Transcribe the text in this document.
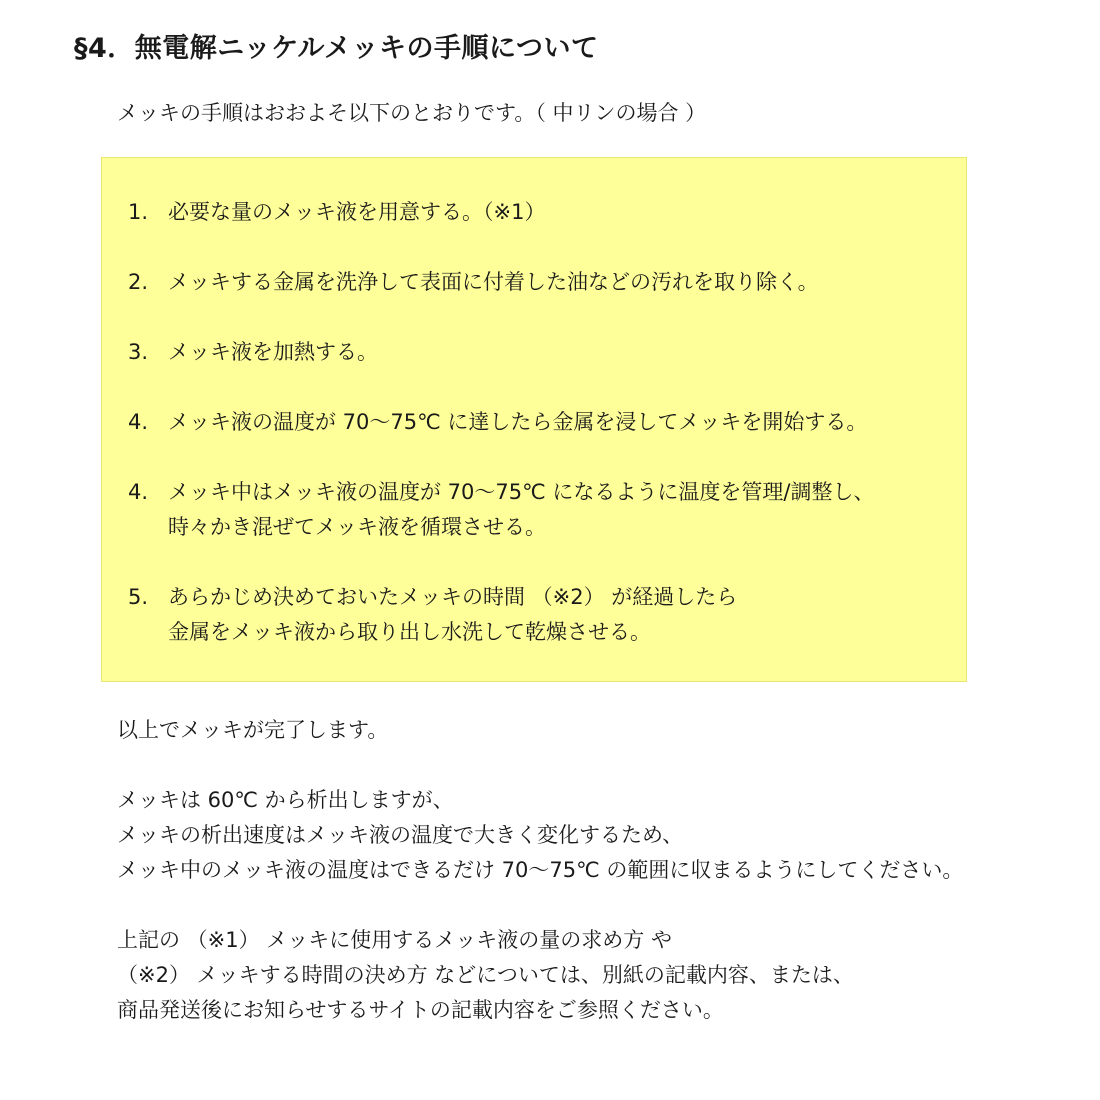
§4．無電解ニッケルメッキの手順について
メッキの手順はおおよそ以下のとおりです。（ 中リンの場合 ）
1. 必要な量のメッキ液を用意する。（※1）
2. メッキする金属を洗浄して表面に付着した油などの汚れを取り除く。
3. メッキ液を加熱する。
4. メッキ液の温度が 70～75℃ に達したら金属を浸してメッキを開始する。
4. メッキ中はメッキ液の温度が 70～75℃ になるように温度を管理/調整し、
時々かき混ぜてメッキ液を循環させる。
5. あらかじめ決めておいたメッキの時間 （※2） が経過したら
金属をメッキ液から取り出し水洗して乾燥させる。
以上でメッキが完了します。
メッキは 60℃ から析出しますが、
メッキの析出速度はメッキ液の温度で大きく変化するため、
メッキ中のメッキ液の温度はできるだけ 70～75℃ の範囲に収まるようにしてください。
上記の （※1） メッキに使用するメッキ液の量の求め方 や
（※2） メッキする時間の決め方 などについては、別紙の記載内容、または、
商品発送後にお知らせするサイトの記載内容をご参照ください。
